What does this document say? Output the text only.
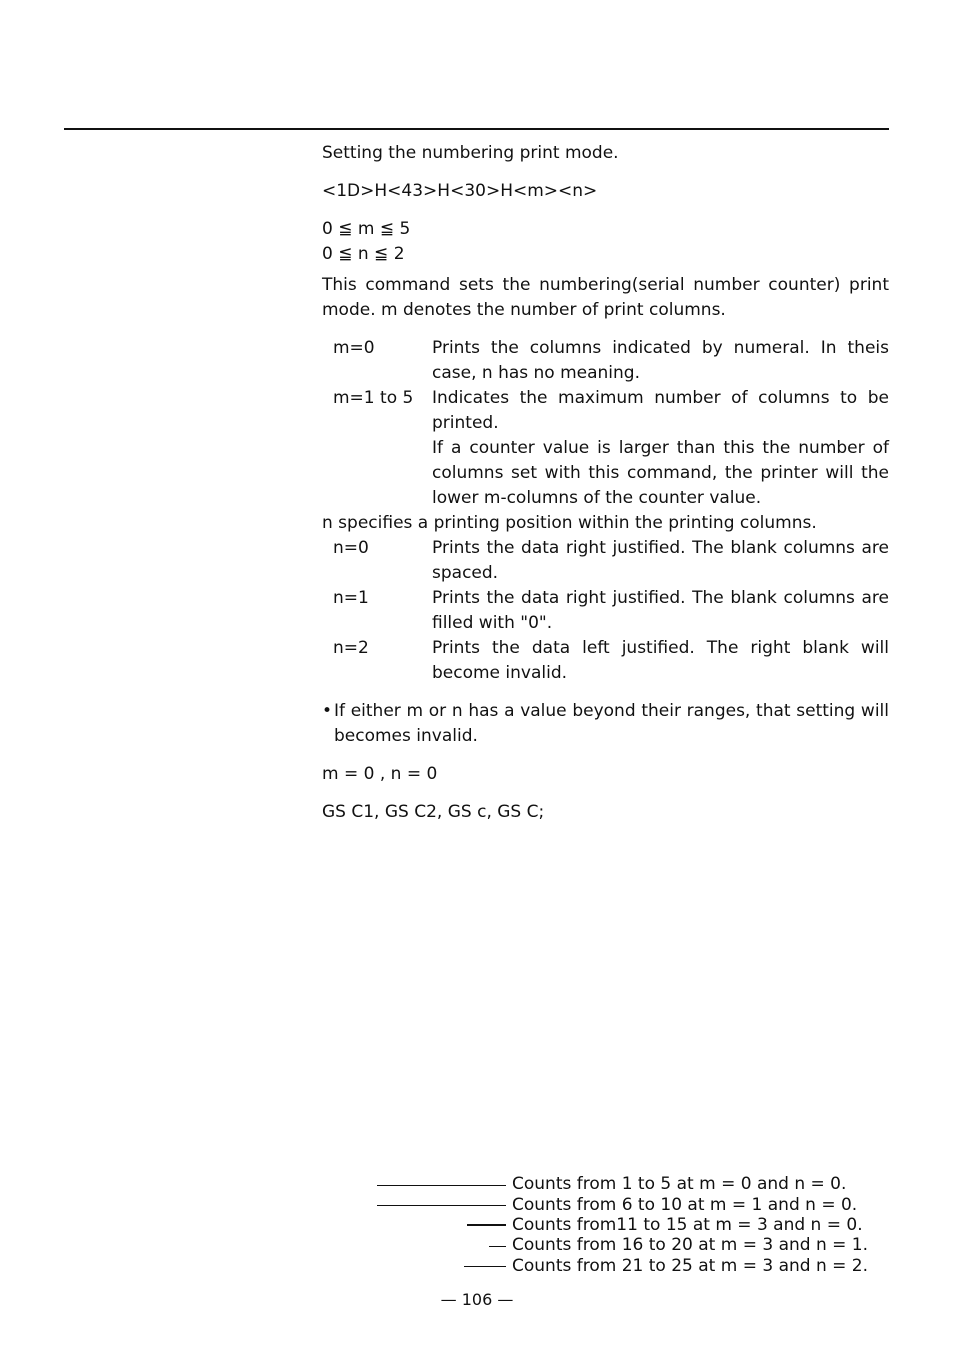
Setting the numbering print mode.
<1D>H<43>H<30>H<m><n>
0 ≦ m ≦ 5
0 ≦ n ≦ 2
This command sets the numbering(serial number counter) print mode. m denotes the number of print columns.
m=0	Prints the columns indicated by numeral. In theis case, n has no meaning.
m=1 to 5 Indicates the maximum number of columns to be printed.
If a counter value is larger than this the number of columns set with this command, the printer will the lower m-columns of the counter value.
n specifies a printing position within the printing columns.
n=0	Prints the data right justified. The blank columns are spaced.
n=1	Prints the data right justified. The blank columns are filled with "0".
n=2	Prints the data left justified. The right blank will become invalid.
• If either m or n has a value beyond their ranges, that setting will becomes invalid.
m = 0 , n = 0
GS C1, GS C2, GS c, GS C;
Counts from 1 to 5 at m = 0 and n = 0.
Counts from 6 to 10 at m = 1 and n = 0.
Counts from11 to 15 at m = 3 and n = 0.
Counts from 16 to 20 at m = 3 and n = 1.
Counts from 21 to 25 at m = 3 and n = 2.
— 106 —
